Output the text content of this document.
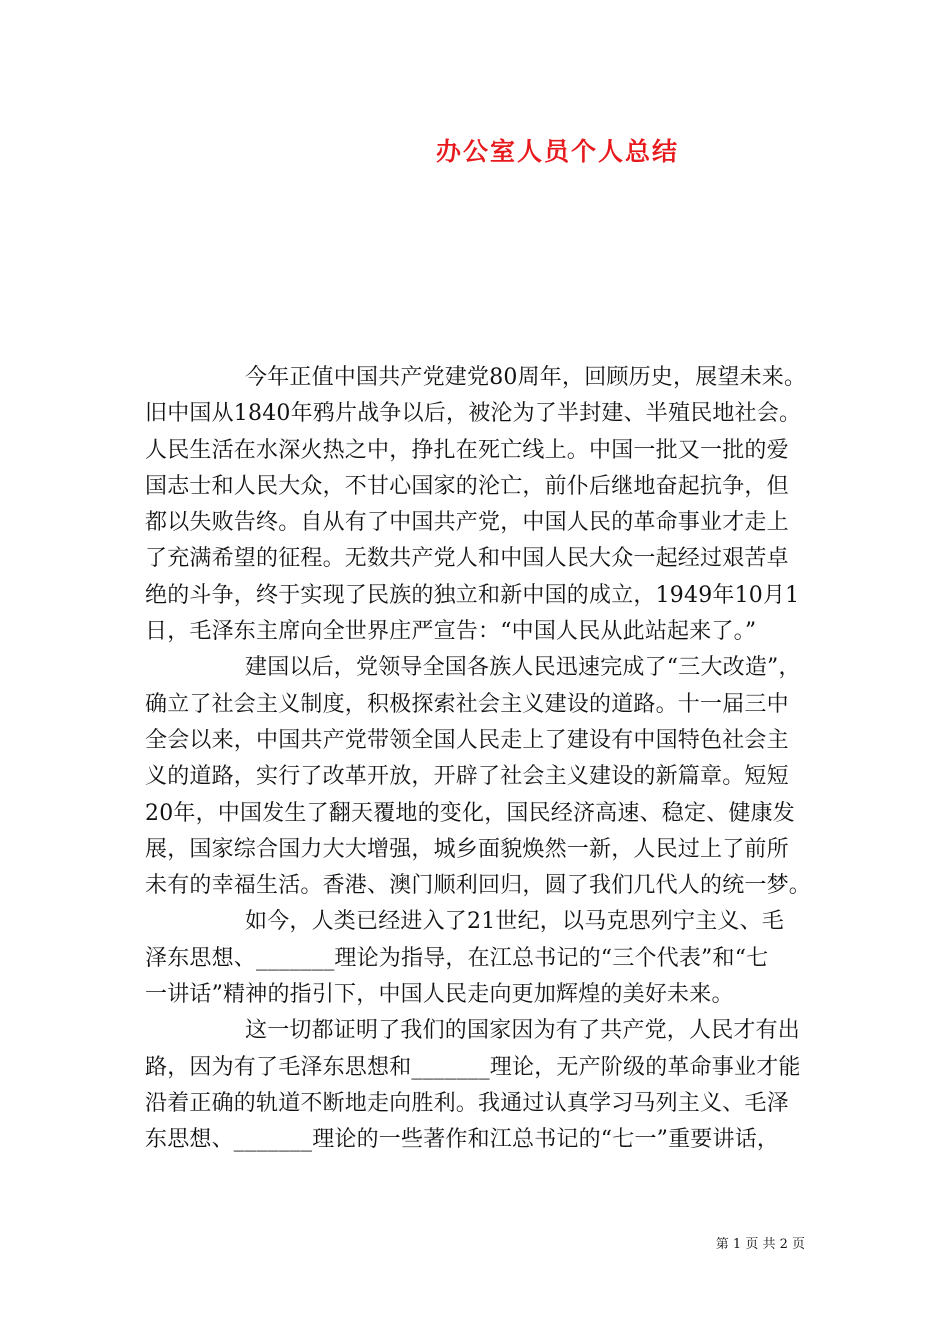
办公室人员个人总结
今年正值中国共产党建党80周年，回顾历史，展望未来。
旧中国从1840年鸦片战争以后，被沦为了半封建、半殖民地社会。
人民生活在水深火热之中，挣扎在死亡线上。中国一批又一批的爱
国志士和人民大众，不甘心国家的沦亡，前仆后继地奋起抗争，但
都以失败告终。自从有了中国共产党，中国人民的革命事业才走上
了充满希望的征程。无数共产党人和中国人民大众一起经过艰苦卓
绝的斗争，终于实现了民族的独立和新中国的成立，1949年10月1
日，毛泽东主席向全世界庄严宣告：“中国人民从此站起来了。”
建国以后，党领导全国各族人民迅速完成了“三大改造”，
确立了社会主义制度，积极探索社会主义建设的道路。十一届三中
全会以来，中国共产党带领全国人民走上了建设有中国特色社会主
义的道路，实行了改革开放，开辟了社会主义建设的新篇章。短短
20年，中国发生了翻天覆地的变化，国民经济高速、稳定、健康发
展，国家综合国力大大增强，城乡面貌焕然一新，人民过上了前所
未有的幸福生活。香港、澳门顺利回归，圆了我们几代人的统一梦。
如今，人类已经进入了21世纪，以马克思列宁主义、毛
泽东思想、_______理论为指导，在江总书记的“三个代表”和“七
一讲话”精神的指引下，中国人民走向更加辉煌的美好未来。
这一切都证明了我们的国家因为有了共产党，人民才有出
路，因为有了毛泽东思想和_______理论，无产阶级的革命事业才能
沿着正确的轨道不断地走向胜利。我通过认真学习马列主义、毛泽
东思想、_______理论的一些著作和江总书记的“七一”重要讲话，
第 1 页 共 2 页
